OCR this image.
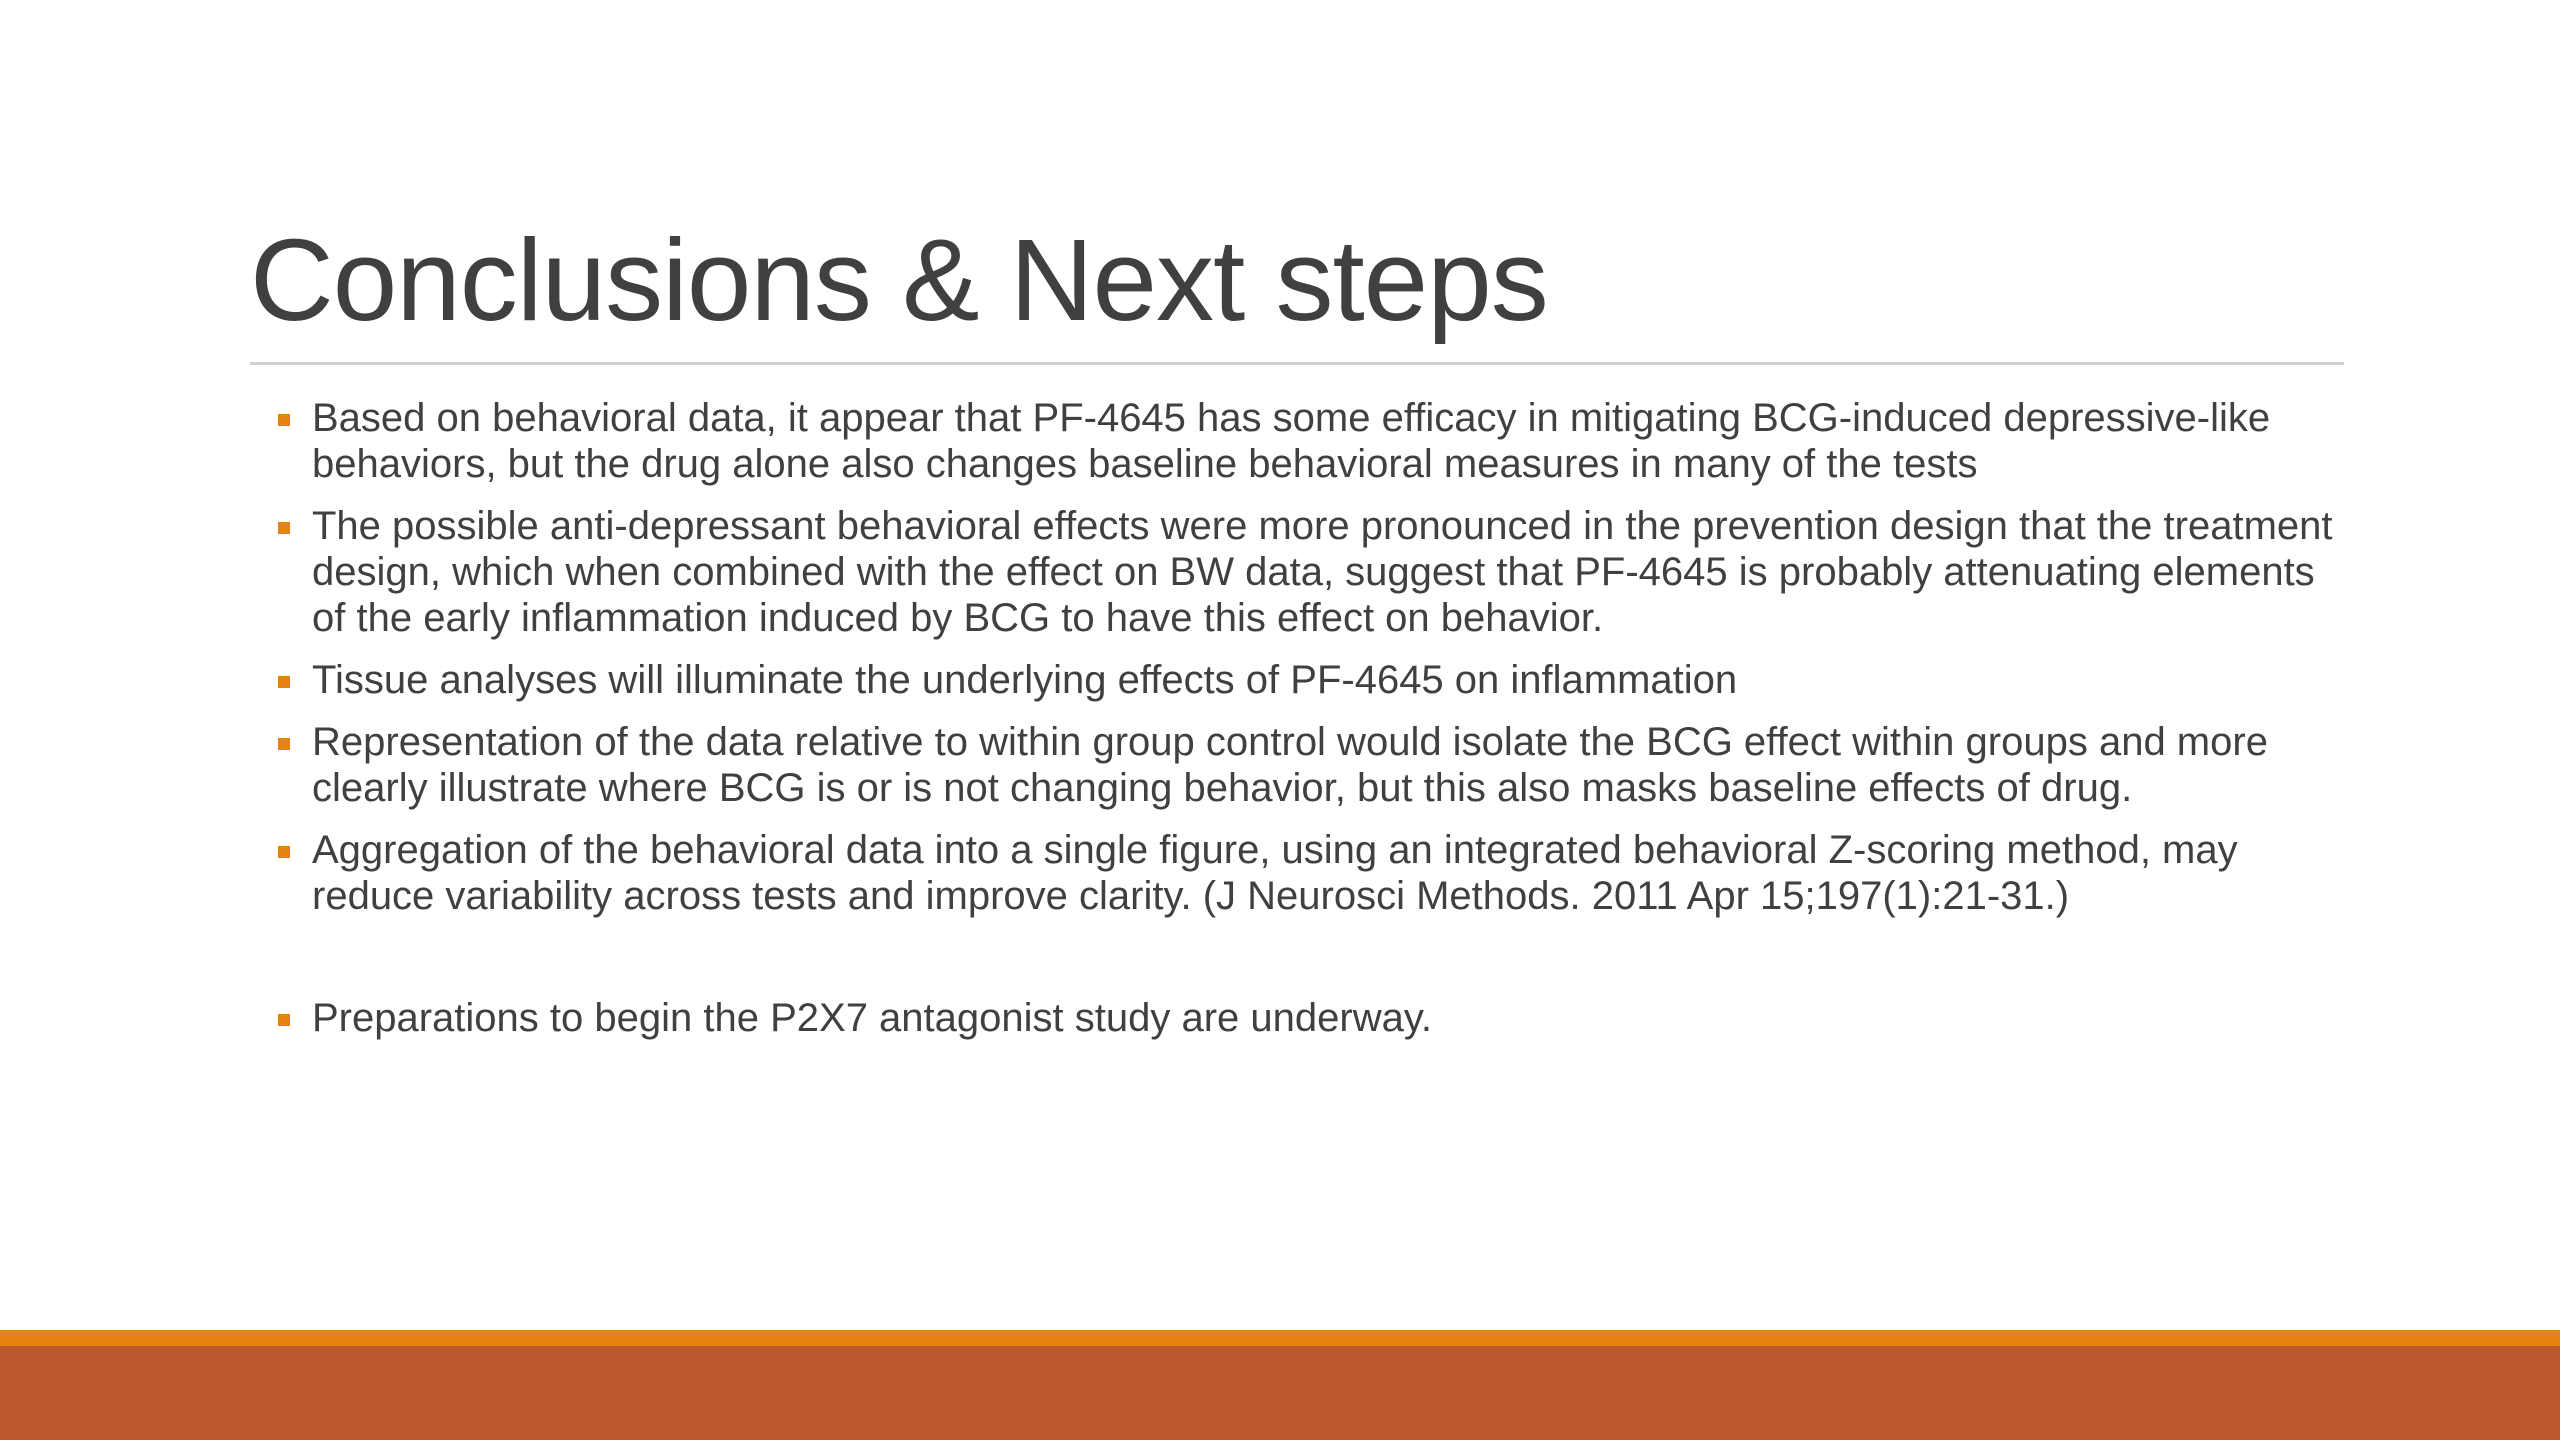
Conclusions & Next steps
Based on behavioral data, it appear that PF-4645 has some efficacy in mitigating BCG-induced depressive-like behaviors, but the drug alone also changes baseline behavioral measures in many of the tests
The possible anti-depressant behavioral effects were more pronounced in the prevention design that the treatment design, which when combined with the effect on BW data, suggest that PF-4645 is probably attenuating elements of the early inflammation induced by BCG to have this effect on behavior.
Tissue analyses will illuminate the underlying effects of PF-4645 on inflammation
Representation of the data relative to within group control would isolate the BCG effect within groups and more clearly illustrate where BCG is or is not changing behavior, but this also masks baseline effects of drug.
Aggregation of the behavioral data into a single figure, using an integrated behavioral Z-scoring method, may reduce variability across tests and improve clarity. (J Neurosci Methods. 2011 Apr 15;197(1):21-31.)
Preparations to begin the P2X7 antagonist study are underway.
